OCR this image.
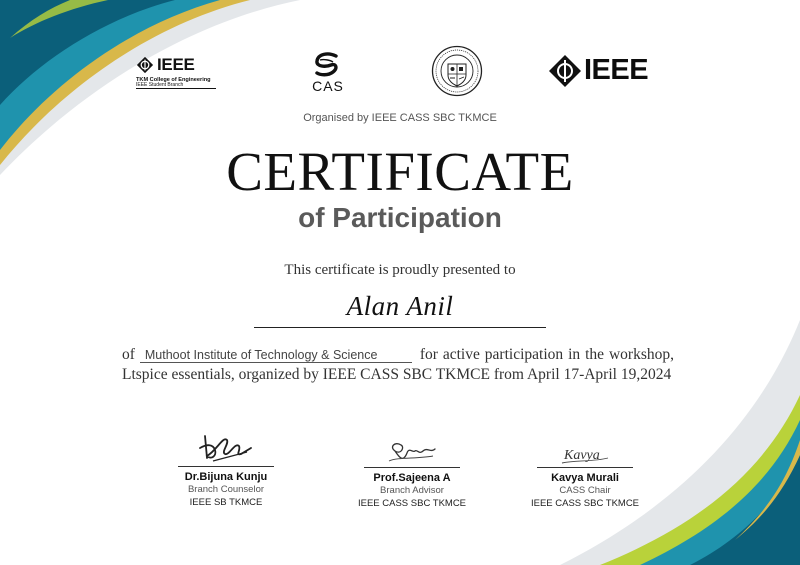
IEEE
TKM College of Engineering
IEEE Student Branch	CAS	IEEE
Organised by IEEE CASS SBC TKMCE
CERTIFICATE
of Participation
This certificate is proudly presented to
Alan Anil
of Muthoot Institute of Technology & Science	for active participation in the workshop, Ltspice essentials, organized by IEEE CASS SBC TKMCE from April 17-April 19,2024
Dr.Bijuna Kunju
Branch Counselor
IEEE SB TKMCE
Prof.Sajeena A
Branch Advisor
IEEE CASS SBC TKMCE
Kavya
Kavya Murali
CASS Chair
IEEE CASS SBC TKMCE
